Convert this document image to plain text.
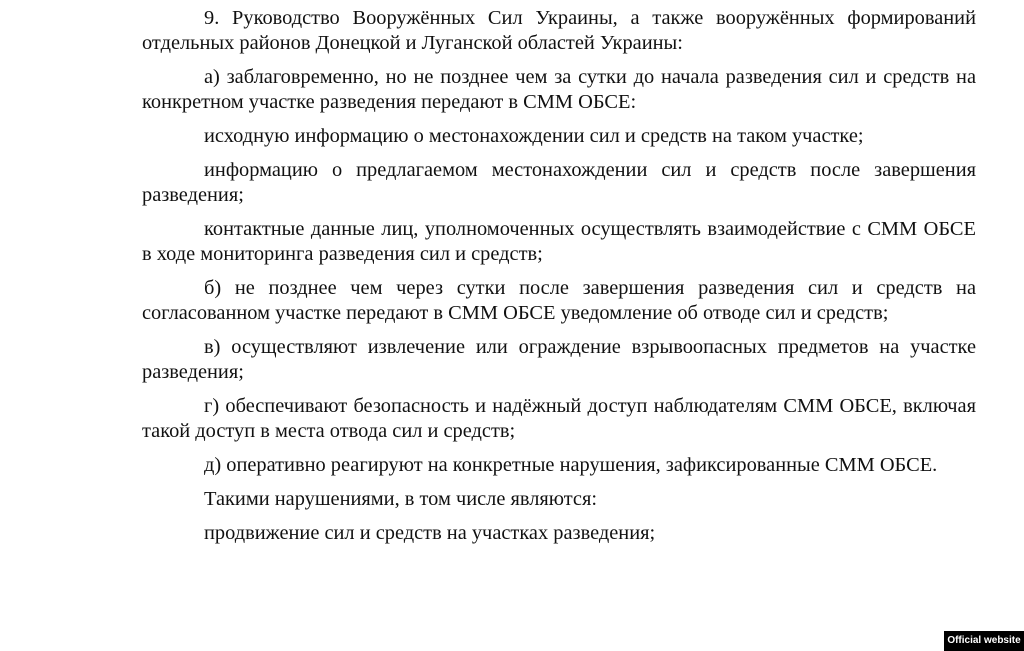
9. Руководство Вооружённых Сил Украины, а также вооружённых формирований отдельных районов Донецкой и Луганской областей Украины:

а) заблаговременно, но не позднее чем за сутки до начала разведения сил и средств на конкретном участке разведения передают в СММ ОБСЕ:

исходную информацию о местонахождении сил и средств на таком участке;

информацию о предлагаемом местонахождении сил и средств после завершения разведения;

контактные данные лиц, уполномоченных осуществлять взаимодействие с СММ ОБСЕ в ходе мониторинга разведения сил и средств;

б) не позднее чем через сутки после завершения разведения сил и средств на согласованном участке передают в СММ ОБСЕ уведомление об отводе сил и средств;

в) осуществляют извлечение или ограждение взрывоопасных предметов на участке разведения;

г) обеспечивают безопасность и надёжный доступ наблюдателям СММ ОБСЕ, включая такой доступ в места отвода сил и средств;

д) оперативно реагируют на конкретные нарушения, зафиксированные СММ ОБСЕ.

Такими нарушениями, в том числе являются:

продвижение сил и средств на участках разведения;

Official website
